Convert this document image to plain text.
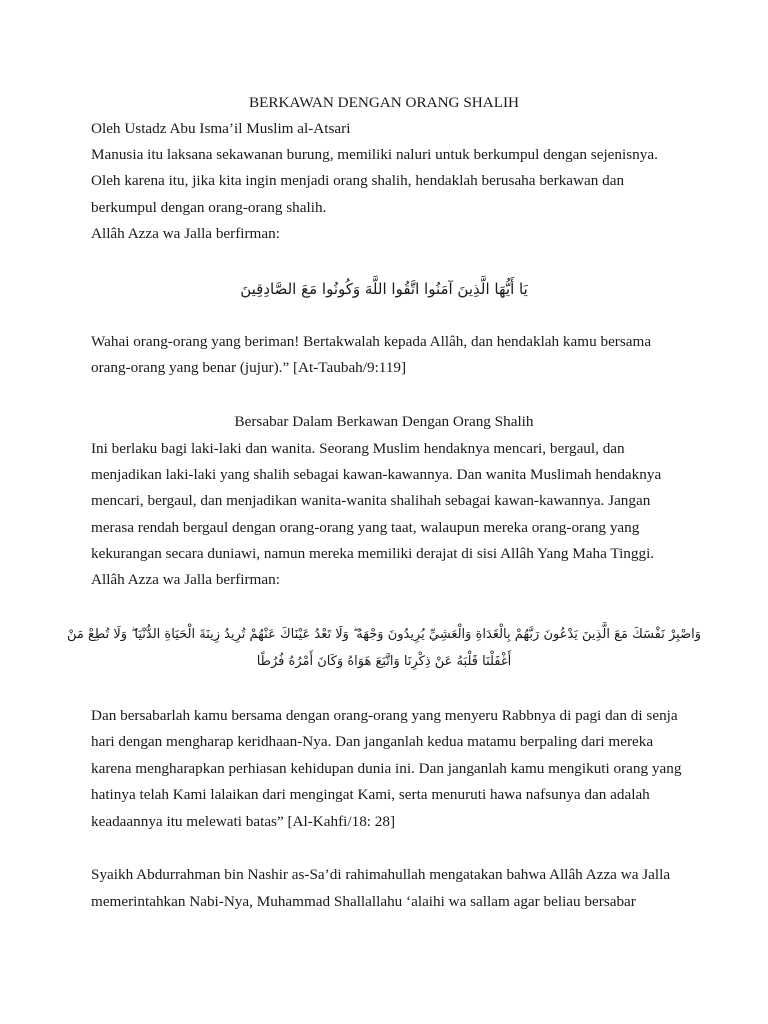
BERKAWAN DENGAN ORANG SHALIH
Oleh Ustadz Abu Isma’il Muslim al-Atsari
Manusia itu laksana sekawanan burung, memiliki naluri untuk berkumpul dengan sejenisnya.
Oleh karena itu, jika kita ingin menjadi orang shalih, hendaklah berusaha berkawan dan
berkumpul dengan orang-orang shalih.
Allâh Azza wa Jalla berfirman:
يَا أَيُّهَا الَّذِينَ آمَنُوا اتَّقُوا اللَّهَ وَكُونُوا مَعَ الصَّادِقِينَ
Wahai orang-orang yang beriman! Bertakwalah kepada Allâh, dan hendaklah kamu bersama
orang-orang yang benar (jujur).” [At-Taubah/9:119]
Bersabar Dalam Berkawan Dengan Orang Shalih
Ini berlaku bagi laki-laki dan wanita. Seorang Muslim hendaknya mencari, bergaul, dan
menjadikan laki-laki yang shalih sebagai kawan-kawannya. Dan wanita Muslimah hendaknya
mencari, bergaul, dan menjadikan wanita-wanita shalihah sebagai kawan-kawannya. Jangan
merasa rendah bergaul dengan orang-orang yang taat, walaupun mereka orang-orang yang
kekurangan secara duniawi, namun mereka memiliki derajat di sisi Allâh Yang Maha Tinggi.
Allâh Azza wa Jalla berfirman:
وَاصْبِرْ نَفْسَكَ مَعَ الَّذِينَ يَدْعُونَ رَبَّهُمْ بِالْغَدَاةِ وَالْعَشِيِّ يُرِيدُونَ وَجْهَهُ ۖ وَلَا تَعْدُ عَيْنَاكَ عَنْهُمْ تُرِيدُ زِينَةَ الْحَيَاةِ الدُّنْيَا ۖ وَلَا تُطِعْ مَنْ
أَغْفَلْنَا قَلْبَهُ عَنْ ذِكْرِنَا وَاتَّبَعَ هَوَاهُ وَكَانَ أَمْرُهُ فُرُطًا
Dan bersabarlah kamu bersama dengan orang-orang yang menyeru Rabbnya di pagi dan di senja
hari dengan mengharap keridhaan-Nya. Dan janganlah kedua matamu berpaling dari mereka
karena mengharapkan perhiasan kehidupan dunia ini. Dan janganlah kamu mengikuti orang yang
hatinya telah Kami lalaikan dari mengingat Kami, serta menuruti hawa nafsunya dan adalah
keadaannya itu melewati batas” [Al-Kahfi/18: 28]
Syaikh Abdurrahman bin Nashir as-Sa’di rahimahullah mengatakan bahwa Allâh Azza wa Jalla
memerintahkan Nabi-Nya, Muhammad Shallallahu ‘alaihi wa sallam agar beliau bersabar
